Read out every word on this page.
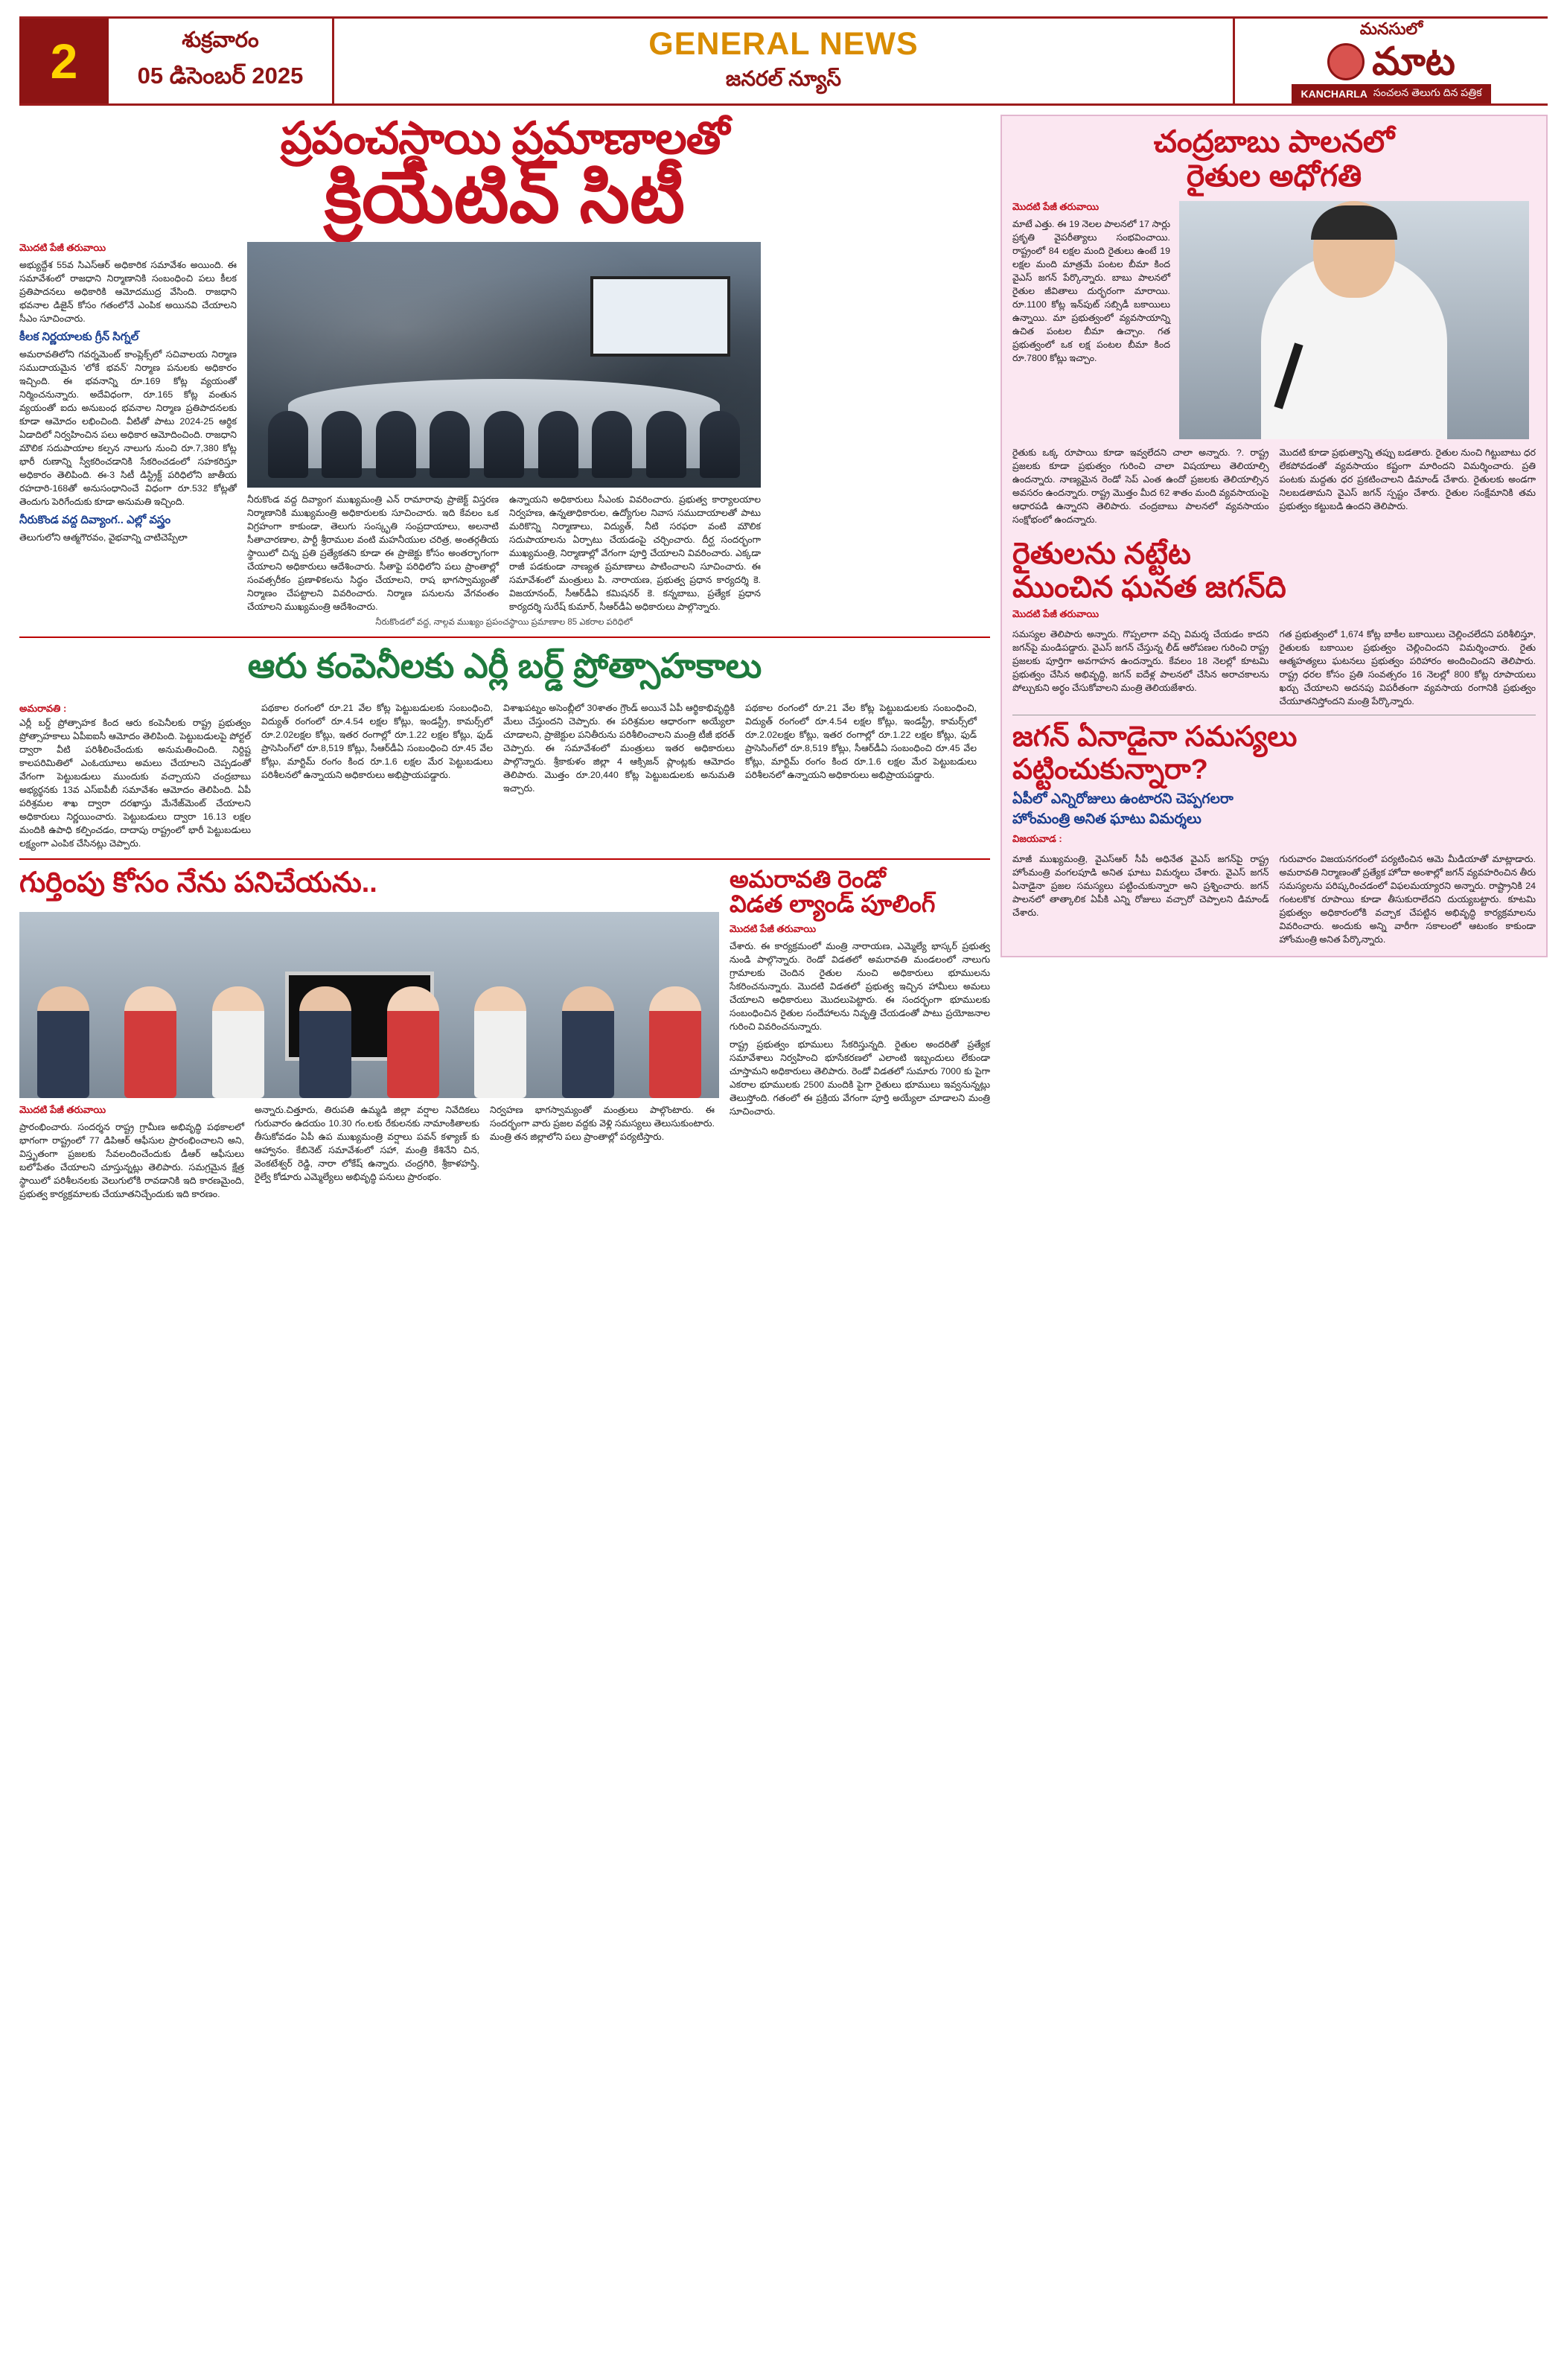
2	శుక్రవారం
05 డిసెంబర్ 2025
GENERAL NEWS
జనరల్ న్యూస్
మనసులో
మాట
KANCHARLA సంచలన తెలుగు దిన పత్రిక
ప్రపంచస్థాయి ప్రమాణాలతో
క్రియేటివ్ సిటీ
మొదటి పేజీ తరువాయి
అభ్యుద్దేశ 55వ సిఎస్ఆర్ అధికారిక సమావేశం అయింది. ఈ సమావేశంలో రాజధాని నిర్మాణానికి సంబంధించి పలు కీలక ప్రతిపాదనలు అధికారికి ఆమోదముద్ర వేసింది. రాజధాని భవనాల డిజైన్ కోసం గతంలోనే ఎంపిక అయినవి చేయాలని సీఎం సూచించారు.
కీలక నిర్ణయాలకు గ్రీన్ సిగ్నల్
అమరావతిలోని గవర్నమెంట్ కాంప్లెక్స్‌లో సచివాలయ నిర్మాణ సముదాయమైన 'లోకే భవన్' నిర్మాణ పనులకు అధికారం ఇచ్చింది. ఈ భవనాన్ని రూ.169 కోట్ల వ్యయంతో నిర్మించనున్నారు. అదేవిధంగా, రూ.165 కోట్ల వంతున వ్యయంతో ఐదు అనుబంధ భవనాల నిర్మాణ ప్రతిపాదనలకు కూడా ఆమోదం లభించింది. వీటితో పాటు 2024-25 ఆర్థిక ఏడాదిలో నిర్వహించిన పలు అధికార ఆమోదించింది. రాజధాని మౌలిక సదుపాయాల కల్పన నాలుగు నుంచి రూ.7,380 కోట్ల భారీ రుణాన్ని స్వీకరించడానికి సేకరించడంలో సహకరిస్తూ అధికారం తెలిపింది. ఈ-3 సిటీ డిస్ట్రిక్ట్ పరిధిలోని జాతీయ రహదారి-168తో అనుసంధానించే విధంగా రూ.532 కోట్లతో తెందుగు పెరిగేందుకు కూడా అనుమతి ఇచ్చింది.
నీరుకొండ వద్ద దివ్యాంగ.. ఎల్లో వస్త్రం
తెలుగులోని ఆత్మగౌరవం, వైభవాన్ని చాటిచెప్పేలా
నీరుకొండ వద్ద దివ్యాంగ ముఖ్యమంత్రి ఎన్ రామారావు ప్రాజెక్ట్ విస్తరణ నిర్మాణానికి ముఖ్యమంత్రి అధికారులకు సూచించారు. ఇది కేవలం ఒక విగ్రహంగా కాకుండా, తెలుగు సంస్కృతి సంప్రదాయాలు, అలనాటి సీతాచారణాల, పార్టీ శ్రీరాముల వంటి మహనీయుల చరిత్ర, అంతర్గతీయ స్థాయిలో చిన్న ప్రతి ప్రత్యేకతని కూడా ఈ ప్రాజెక్టు కోసం అంతర్భాగంగా చేయాలని అధికారులు ఆదేశించారు. సీతాఫై పరిధిలోని పలు ప్రాంతాల్లో సంవత్సరీకం ప్రణాళికలను సిద్ధం చేయాలని, రాష భాగస్వామ్యంతో నిర్మాణం చేపట్టాలని వివరించారు. నిర్మాణ పనులను వేగవంతం చేయాలని ముఖ్యమంత్రి ఆదేశించారు.
ఉన్నాయని అధికారులు సీఎంకు వివరించారు. ప్రభుత్వ కార్యాలయాల నిర్వహణ, ఉన్నతాధికారుల, ఉద్యోగుల నివాస సముదాయాలతో పాటు మరికొన్ని నిర్మాణాలు, విద్యుత్, నీటి సరఫరా వంటి మౌలిక సదుపాయాలను ఏర్పాటు చేయడంపై చర్చించారు. దీర్ఘ సందర్భంగా ముఖ్యమంత్రి, నిర్మాణాల్లో వేగంగా పూర్తి చేయాలని వివరించారు. ఎక్కడా రాజీ పడకుండా నాణ్యత ప్రమాణాలు పాటించాలని సూచించారు. ఈ సమావేశంలో మంత్రులు పి. నారాయణ, ప్రభుత్వ ప్రధాన కార్యదర్శి కె. విజయానంద్, సీఆర్‌డీఏ కమిషనర్ కె. కన్నబాబు, ప్రత్యేక ప్రధాన కార్యదర్శి సురేష్ కుమార్, సీఆర్‌డీఏ అధికారులు పాల్గొన్నారు.
నీరుకొండలో వద్ద, నాల్గవ ముఖ్యం ప్రపంచస్థాయి ప్రమాణాల 85 ఎకరాల పరిధిలో
ఆరు కంపెనీలకు ఎర్లీ బర్డ్ ప్రోత్సాహకాలు
అమరావతి :
ఎర్లీ బర్డ్ ప్రోత్సాహక కింద ఆరు కంపెనీలకు రాష్ట్ర ప్రభుత్వం ప్రోత్సాహకాలు ఏపీఐఐసీ ఆమోదం తెలిపింది. పెట్టుబడులపై పోర్టల్ ద్వారా వీటి పరిశీలించేందుకు అనుమతించింది. నిర్దిష్ట కాలపరిమితిలో ఎంఓయూలు అమలు చేయాలని చెప్పడంతో వేగంగా పెట్టుబడులు ముందుకు వచ్చాయని చంద్రబాబు అభ్యర్థనకు 13వ ఎస్ఐపీబీ సమావేశం ఆమోదం తెలిపింది. ఏపీ పరిశ్రమల శాఖ ద్వారా దరఖాస్తు మేనేజ్‌మెంట్ చేయాలని అధికారులు నిర్ణయించారు. పెట్టుబడులు ద్వారా 16.13 లక్షల మందికి ఉపాధి కల్పించడం, దాదాపు రాష్ట్రంలో భారీ పెట్టుబడులు లక్ష్యంగా ఎంపిక చేసినట్లు చెప్పారు.
పథకాల రంగంలో రూ.21 వేల కోట్ల పెట్టుబడులకు సంబంధించి, విద్యుత్ రంగంలో రూ.4.54 లక్షల కోట్లు, ఇండస్ట్రీ, కామర్స్‌లో రూ.2.02లక్షల కోట్లు, ఇతర రంగాల్లో రూ.1.22 లక్షల కోట్లు, ఫుడ్ ప్రాసెసింగ్‌లో రూ.8,519 కోట్లు, సీఆర్‌డీఏ సంబంధించి రూ.45 వేల కోట్లు, మార్టిమ్ రంగం కింద రూ.1.6 లక్షల మేర పెట్టుబడులు పరిశీలనలో ఉన్నాయని అధికారులు అభిప్రాయపడ్డారు.
విశాఖపట్నం అసెంబ్లీలో 30శాతం గ్రౌండ్ అయినే ఏపీ ఆర్థికాభివృద్ధికి మేలు చేస్తుందని చెప్పారు. ఈ పరిశ్రమల ఆధారంగా అయ్యేలా చూడాలని, ప్రాజెక్టుల పనితీరును పరిశీలించాలని మంత్రి టీజీ భరత్ చెప్పారు. ఈ సమావేశంలో మంత్రులు ఇతర అధికారులు పాల్గొన్నారు. శ్రీకాకుళం జిల్లా 4 ఆక్సిజన్ ప్లాంట్లకు ఆమోదం తెలిపారు. మొత్తం రూ.20,440 కోట్ల పెట్టుబడులకు అనుమతి ఇచ్చారు.
పథకాల రంగంలో రూ.21 వేల కోట్ల పెట్టుబడులకు సంబంధించి, విద్యుత్ రంగంలో రూ.4.54 లక్షల కోట్లు, ఇండస్ట్రీ, కామర్స్‌లో రూ.2.02లక్షల కోట్లు, ఇతర రంగాల్లో రూ.1.22 లక్షల కోట్లు, ఫుడ్ ప్రాసెసింగ్‌లో రూ.8,519 కోట్లు, సీఆర్‌డీఏ సంబంధించి రూ.45 వేల కోట్లు, మార్టిమ్ రంగం కింద రూ.1.6 లక్షల మేర పెట్టుబడులు పరిశీలనలో ఉన్నాయని అధికారులు అభిప్రాయపడ్డారు.
గుర్తింపు కోసం నేను పనిచేయను..
మొదటి పేజీ తరువాయి
ప్రారంభించారు. సందర్శన రాష్ట్ర గ్రామీణ అభివృద్ధి పథకాలలో భాగంగా రాష్ట్రంలో 77 డిపిఆర్ ఆఫీసుల ప్రారంభించాలని అని, విస్తృతంగా ప్రజలకు సేవలందించేందుకు డీఆర్ ఆఫీసులు బలోపేతం చేయాలని చూస్తున్నట్లు తెలిపారు. సమగ్రమైన క్షేత్ర స్థాయిలో పరిశీలనలకు వెలుగులోకి రావడానికి ఇది కారణమైంది, ప్రభుత్వ కార్యక్రమాలకు చేయూతనిచ్చేందుకు ఇది కారణం.
అన్నారు.చిత్తూరు, తిరుపతి ఉమ్మడి జిల్లా వర్షాల నివేదికలు గురువారం ఉదయం 10.30 గం.లకు రేకులనకు నామాంకితాలకు తీసుకోవడం ఏపీ ఉప ముఖ్యమంత్రి వర్షాలు పవన్ కళ్యాణ్ కు ఆహ్వానం. కేబినెట్ సమావేశంలో సహా, మంత్రి కేశినేని చిన, వెంకటేశ్వర్ రెడ్డి, నారా లోకేష్ ఉన్నారు. చంద్రగిరి, శ్రీకాళహస్తి, రైల్వే కోడూరు ఎమ్మెల్యేలు అభివృద్ధి పనులు ప్రారంభం.
నిర్వహణ భాగస్వామ్యంతో మంత్రులు పాల్గొంటారు. ఈ సందర్భంగా వారు ప్రజల వద్దకు వెళ్లి సమస్యలు తెలుసుకుంటారు. మంత్రి తన జిల్లాలోని పలు ప్రాంతాల్లో పర్యటిస్తారు.
అమరావతి రెండో
విడత ల్యాండ్ పూలింగ్
మొదటి పేజీ తరువాయి
చేశారు. ఈ కార్యక్రమంలో మంత్రి నారాయణ, ఎమ్మెల్యే భాస్కర్ ప్రభుత్వ నుండి పాల్గొన్నారు. రెండో విడతలో అమరావతి మండలంలో నాలుగు గ్రామాలకు చెందిన రైతుల నుంచి అధికారులు భూములను సేకరించనున్నారు. మొదటి విడతలో ప్రభుత్వ ఇచ్చిన హామీలు అమలు చేయాలని అధికారులు మొదలుపెట్టారు. ఈ సందర్భంగా భూములకు సంబంధించిన రైతుల సందేహాలను నివృత్తి చేయడంతో పాటు ప్రయోజనాల గురించి వివరించనున్నారు.
రాష్ట్ర ప్రభుత్వం భూములు సేకరిస్తున్నది. రైతుల అందరితో ప్రత్యేక సమావేశాలు నిర్వహించి భూసేకరణలో ఎలాంటి ఇబ్బందులు లేకుండా చూస్తామని అధికారులు తెలిపారు. రెండో విడతలో సుమారు 7000 కు పైగా ఎకరాల భూములకు 2500 మందికి పైగా రైతులు భూములు ఇవ్వనున్నట్లు తెలుస్తోంది. గతంలో ఈ ప్రక్రియ వేగంగా పూర్తి అయ్యేలా చూడాలని మంత్రి సూచించారు.
చంద్రబాబు పాలనలో
రైతుల అధోగతి
మొదటి పేజీ తరువాయి
మాటే ఎత్తు. ఈ 19 నెలల పాలనలో 17 సార్లు ప్రకృతి వైపరీత్యాలు సంభవించాయి. రాష్ట్రంలో 84 లక్షల మంది రైతులు ఉంటే 19 లక్షల మంది మాత్రమే పంటల బీమా కింద వైఎస్ జగన్ పేర్కొన్నారు. బాబు పాలనలో రైతుల జీవితాలు దుర్భరంగా మారాయి. రూ.1100 కోట్ల ఇన్‌పుట్ సబ్సిడీ బకాయిలు ఉన్నాయి. మా ప్రభుత్వంలో వ్యవసాయాన్ని ఉచిత పంటల బీమా ఉచ్చాం. గత ప్రభుత్వంలో ఒక లక్ష పంటల బీమా కింద రూ.7800 కోట్లు ఇచ్చాం.
రైతుకు ఒక్క రూపాయి కూడా ఇవ్వలేదని చాలా అన్నారు. ?. రాష్ట్ర ప్రజలకు కూడా ప్రభుత్వం గురించి చాలా విషయాలు తెలియాల్సి ఉందన్నారు. నాణ్యమైన రెండో సెప్ ఎంత ఉందో ప్రజలకు తెలియాల్సిన అవసరం ఉందన్నారు. రాష్ట్ర మొత్తం మీద 62 శాతం మంది వ్యవసాయంపై ఆధారపడి ఉన్నారని తెలిపారు. చంద్రబాబు పాలనలో వ్యవసాయం సంక్షోభంలో ఉందన్నారు.
మొదటి కూడా ప్రభుత్వాన్ని తప్పు బడతారు. రైతుల నుంచి గిట్టుబాటు ధర లేకపోవడంతో వ్యవసాయం కష్టంగా మారిందని విమర్శించారు. ప్రతి పంటకు మద్దతు ధర ప్రకటించాలని డిమాండ్ చేశారు. రైతులకు అండగా నిలబడతామని వైఎస్ జగన్ స్పష్టం చేశారు. రైతుల సంక్షేమానికి తమ ప్రభుత్వం కట్టుబడి ఉందని తెలిపారు.
రైతులను నట్టేట
ముంచిన ఘనత జగన్‌ది
మొదటి పేజీ తరువాయి
సమస్యల తెలిపారు అన్నారు. గొప్పలాగా వచ్చి విమర్శ చేయడం కాదని జగన్‌పై మండిపడ్డారు. వైఎస్ జగన్ చేస్తున్న లీడ్ ఆరోపణల గురించి రాష్ట్ర ప్రజలకు పూర్తిగా అవగాహన ఉందన్నారు. కేవలం 18 నెలల్లో కూటమి ప్రభుత్వం చేసిన అభివృద్ధి, జగన్ ఐదేళ్ల పాలనలో చేసిన అరాచకాలను పోల్చుకుని అర్థం చేసుకోవాలని మంత్రి తెలియజేశారు.
గత ప్రభుత్వంలో 1,674 కోట్ల బాకీల బకాయిలు చెల్లించలేదని పరిశీలిస్తూ, రైతులకు బకాయిల ప్రభుత్వం చెల్లించిందని విమర్శించారు. రైతు ఆత్మహత్యలు ఘటనలు ప్రభుత్వం పరిహారం అందించిందని తెలిపారు. రాష్ట్ర ధరల కోసం ప్రతి సంవత్సరం 16 నెలల్లో 800 కోట్ల రూపాయలు ఖర్చు చేయాలని అదనపు విపరీతంగా వ్యవసాయ రంగానికి ప్రభుత్వం చేయూతనిస్తోందని మంత్రి పేర్కొన్నారు.
జగన్ ఏనాడైనా సమస్యలు
పట్టించుకున్నారా?
ఏపీలో ఎన్నిరోజులు ఉంటారని చెప్పగలరా
హోంమంత్రి అనిత ఘాటు విమర్శలు
విజయవాడ :
మాజీ ముఖ్యమంత్రి, వైఎస్ఆర్ సీపీ అధినేత వైఎస్ జగన్‌పై రాష్ట్ర హోంమంత్రి వంగలపూడి అనిత ఘాటు విమర్శలు చేశారు. వైఎస్ జగన్ ఏనాడైనా ప్రజల సమస్యలు పట్టించుకున్నారా అని ప్రశ్నించారు. జగన్ పాలనలో తాత్కాలిక ఏపీకి ఎన్ని రోజులు వచ్చారో చెప్పాలని డిమాండ్ చేశారు.
గురువారం విజయనగరంలో పర్యటించిన ఆమె మీడియాతో మాట్లాడారు. అమరావతి నిర్మాణంతో ప్రత్యేక హోదా అంశాల్లో జగన్ వ్యవహరించిన తీరు సమస్యలను పరిష్కరించడంలో విఫలమయ్యారని అన్నారు. రాష్ట్రానికి 24 గంటలకొక రూపాయి కూడా తీసుకురాలేదని దుయ్యబట్టారు. కూటమి ప్రభుత్వం అధికారంలోకి వచ్చాక చేపట్టిన అభివృద్ధి కార్యక్రమాలను వివరించారు. అందుకు అన్ని వారీగా సకాలంలో ఆటంకం కాకుండా హోంమంత్రి అనిత పేర్కొన్నారు.
